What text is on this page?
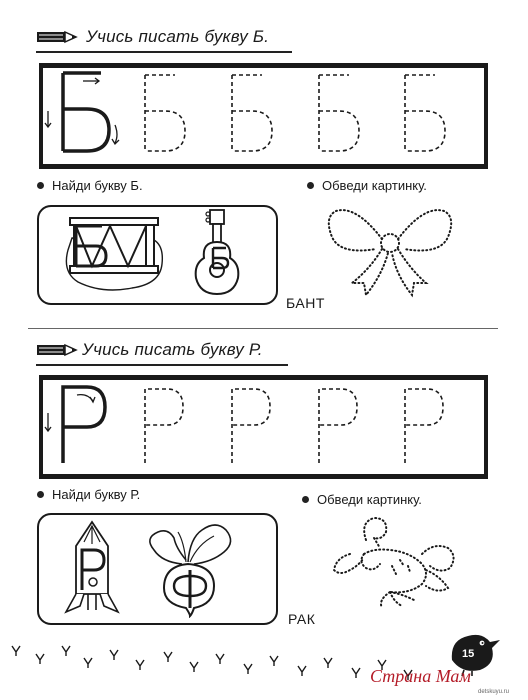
Учись писать букву Б.
Найди букву Б.	Обведи картинку.
БАНТ
Учись писать букву Р.
Найди букву Р.	Обведи картинку.
РАК
15
Страна Мам
detskuyu.ru
